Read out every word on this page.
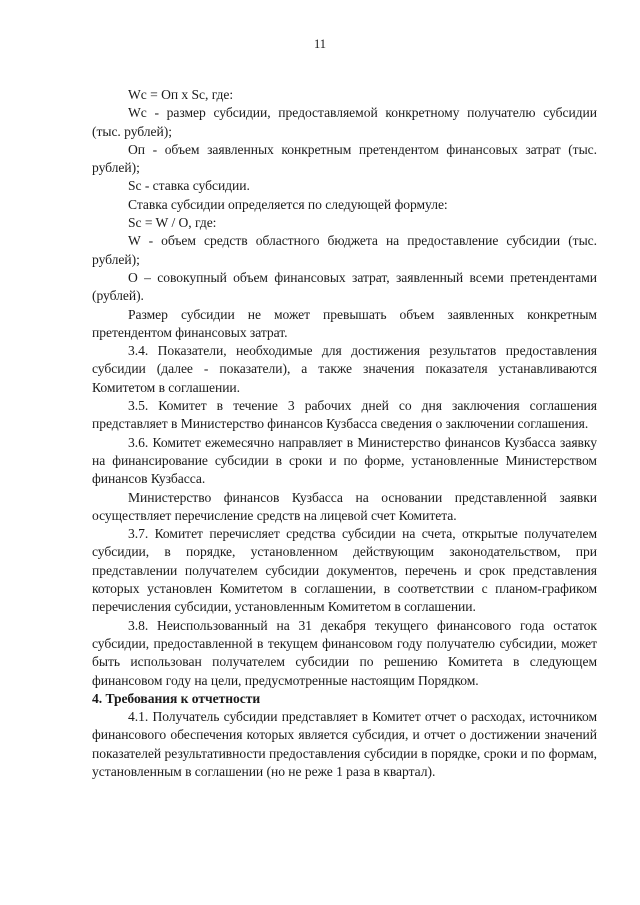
11

Wc = Оп x Sc, где:

Wc - размер субсидии, предоставляемой конкретному получателю субсидии (тыс. рублей);

Оп - объем заявленных конкретным претендентом финансовых затрат (тыс. рублей);

Sc - ставка субсидии.

Ставка субсидии определяется по следующей формуле:

Sc = W / О, где:

W - объем средств областного бюджета на предоставление субсидии (тыс. рублей);

О – совокупный объем финансовых затрат, заявленный всеми претендентами (рублей).

Размер субсидии не может превышать объем заявленных конкретным претендентом финансовых затрат.

3.4. Показатели, необходимые для достижения результатов предоставления субсидии (далее - показатели), а также значения показателя устанавливаются Комитетом в соглашении.

3.5. Комитет в течение 3 рабочих дней со дня заключения соглашения представляет в Министерство финансов Кузбасса сведения о заключении соглашения.

3.6. Комитет ежемесячно направляет в Министерство финансов Кузбасса заявку на финансирование субсидии в сроки и по форме, установленные Министерством финансов Кузбасса.

Министерство финансов Кузбасса на основании представленной заявки осуществляет перечисление средств на лицевой счет Комитета.

3.7. Комитет перечисляет средства субсидии на счета, открытые получателем субсидии, в порядке, установленном действующим законодательством, при представлении получателем субсидии документов, перечень и срок представления которых установлен Комитетом в соглашении, в соответствии с планом-графиком перечисления субсидии, установленным Комитетом в соглашении.

3.8. Неиспользованный на 31 декабря текущего финансового года остаток субсидии, предоставленной в текущем финансовом году получателю субсидии, может быть использован получателем субсидии по решению Комитета в следующем финансовом году на цели, предусмотренные настоящим Порядком.

4. Требования к отчетности

4.1. Получатель субсидии представляет в Комитет отчет о расходах, источником финансового обеспечения которых является субсидия, и отчет о достижении значений показателей результативности предоставления субсидии в порядке, сроки и по формам, установленным в соглашении (но не реже 1 раза в квартал).
